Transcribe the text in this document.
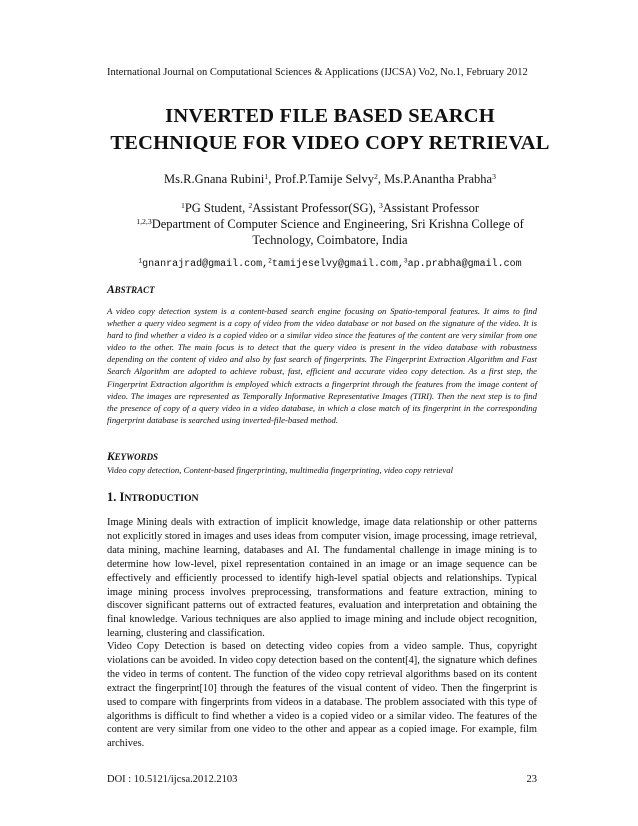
International Journal on Computational Sciences & Applications (IJCSA) Vo2, No.1, February 2012
INVERTED FILE BASED SEARCH
TECHNIQUE FOR VIDEO COPY RETRIEVAL
Ms.R.Gnana Rubini$^1$, Prof.P.Tamije Selvy$^2$, Ms.P.Anantha Prabha$^3$
$^1$PG Student, $^2$Assistant Professor(SG), $^3$Assistant Professor
$^{1,2,3}$Department of Computer Science and Engineering, Sri Krishna College of
Technology, Coimbatore, India
$^1$gnanrajrad@gmail.com,$^2$tamijeselvy@gmail.com,$^3$ap.prabha@gmail.com
ABSTRACT
A video copy detection system is a content-based search engine focusing on Spatio-temporal features. It aims to find whether a query video segment is a copy of video from the video database or not based on the signature of the video. It is hard to find whether a video is a copied video or a similar video since the features of the content are very similar from one video to the other. The main focus is to detect that the query video is present in the video database with robustness depending on the content of video and also by fast search of fingerprints. The Fingerprint Extraction Algorithm and Fast Search Algorithm are adopted to achieve robust, fast, efficient and accurate video copy detection. As a first step, the Fingerprint Extraction algorithm is employed which extracts a fingerprint through the features from the image content of video. The images are represented as Temporally Informative Representative Images (TIRI). Then the next step is to find the presence of copy of a query video in a video database, in which a close match of its fingerprint in the corresponding fingerprint database is searched using inverted-file-based method.
KEYWORDS
Video copy detection, Content-based fingerprinting, multimedia fingerprinting, video copy retrieval
1. INTRODUCTION
Image Mining deals with extraction of implicit knowledge, image data relationship or other patterns not explicitly stored in images and uses ideas from computer vision, image processing, image retrieval, data mining, machine learning, databases and AI. The fundamental challenge in image mining is to determine how low-level, pixel representation contained in an image or an image sequence can be effectively and efficiently processed to identify high-level spatial objects and relationships. Typical image mining process involves preprocessing, transformations and feature extraction, mining to discover significant patterns out of extracted features, evaluation and interpretation and obtaining the final knowledge. Various techniques are also applied to image mining and include object recognition, learning, clustering and classification.
Video Copy Detection is based on detecting video copies from a video sample. Thus, copyright violations can be avoided. In video copy detection based on the content[4], the signature which defines the video in terms of content. The function of the video copy retrieval algorithms based on its content extract the fingerprint[10] through the features of the visual content of video. Then the fingerprint is used to compare with fingerprints from videos in a database. The problem associated with this type of algorithms is difficult to find whether a video is a copied video or a similar video. The features of the content are very similar from one video to the other and appear as a copied image. For example, film archives.
DOI : 10.5121/ijcsa.2012.2103	23
